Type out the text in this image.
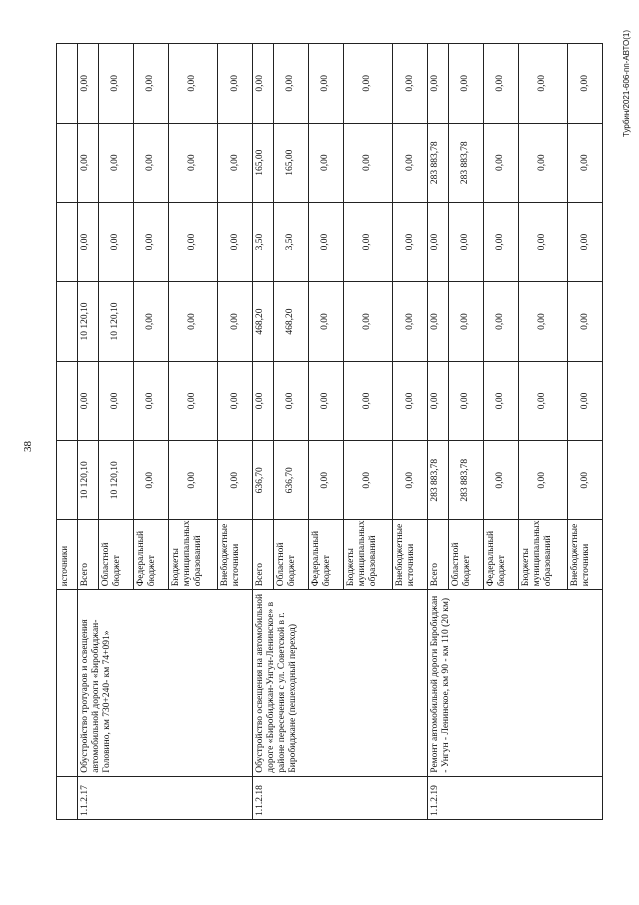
38
Турбин/2021-606-пп-АВТО(1)
		источники						
1.1.2.17	Обустройство тротуаров и освещения автомобильной дороги «Биробиджан-Головино, км 730+240- км 74+091»	Всего	10 120,10	0,00	10 120,10	0,00	0,00	0,00
		Областной бюджет	10 120,10	0,00	10 120,10	0,00	0,00	0,00
		Федеральный бюджет	0,00	0,00	0,00	0,00	0,00	0,00
		Бюджеты муниципальных образований	0,00	0,00	0,00	0,00	0,00	0,00
		Внебюджетные источники	0,00	0,00	0,00	0,00	0,00	0,00
1.1.2.18	Обустройство освещения на автомобильной дороге «Биробиджан-Унгун-Ленинское» в районе пересечения с ул. Советской в г. Биробиджане (пешеходный переход)	Всего	636,70	0,00	468,20	3,50	165,00	0,00
		Областной бюджет	636,70	0,00	468,20	3,50	165,00	0,00
		Федеральный бюджет	0,00	0,00	0,00	0,00	0,00	0,00
		Бюджеты муниципальных образований	0,00	0,00	0,00	0,00	0,00	0,00
		Внебюджетные источники	0,00	0,00	0,00	0,00	0,00	0,00
1.1.2.19	Ремонт автомобильной дороги Биробиджан - Унгун - Ленинское, км 90 - км 110 (20 км)	Всего	283 883,78	0,00	0,00	0,00	283 883,78	0,00
		Областной бюджет	283 883,78	0,00	0,00	0,00	283 883,78	0,00
		Федеральный бюджет	0,00	0,00	0,00	0,00	0,00	0,00
		Бюджеты муниципальных образований	0,00	0,00	0,00	0,00	0,00	0,00
		Внебюджетные источники	0,00	0,00	0,00	0,00	0,00	0,00
